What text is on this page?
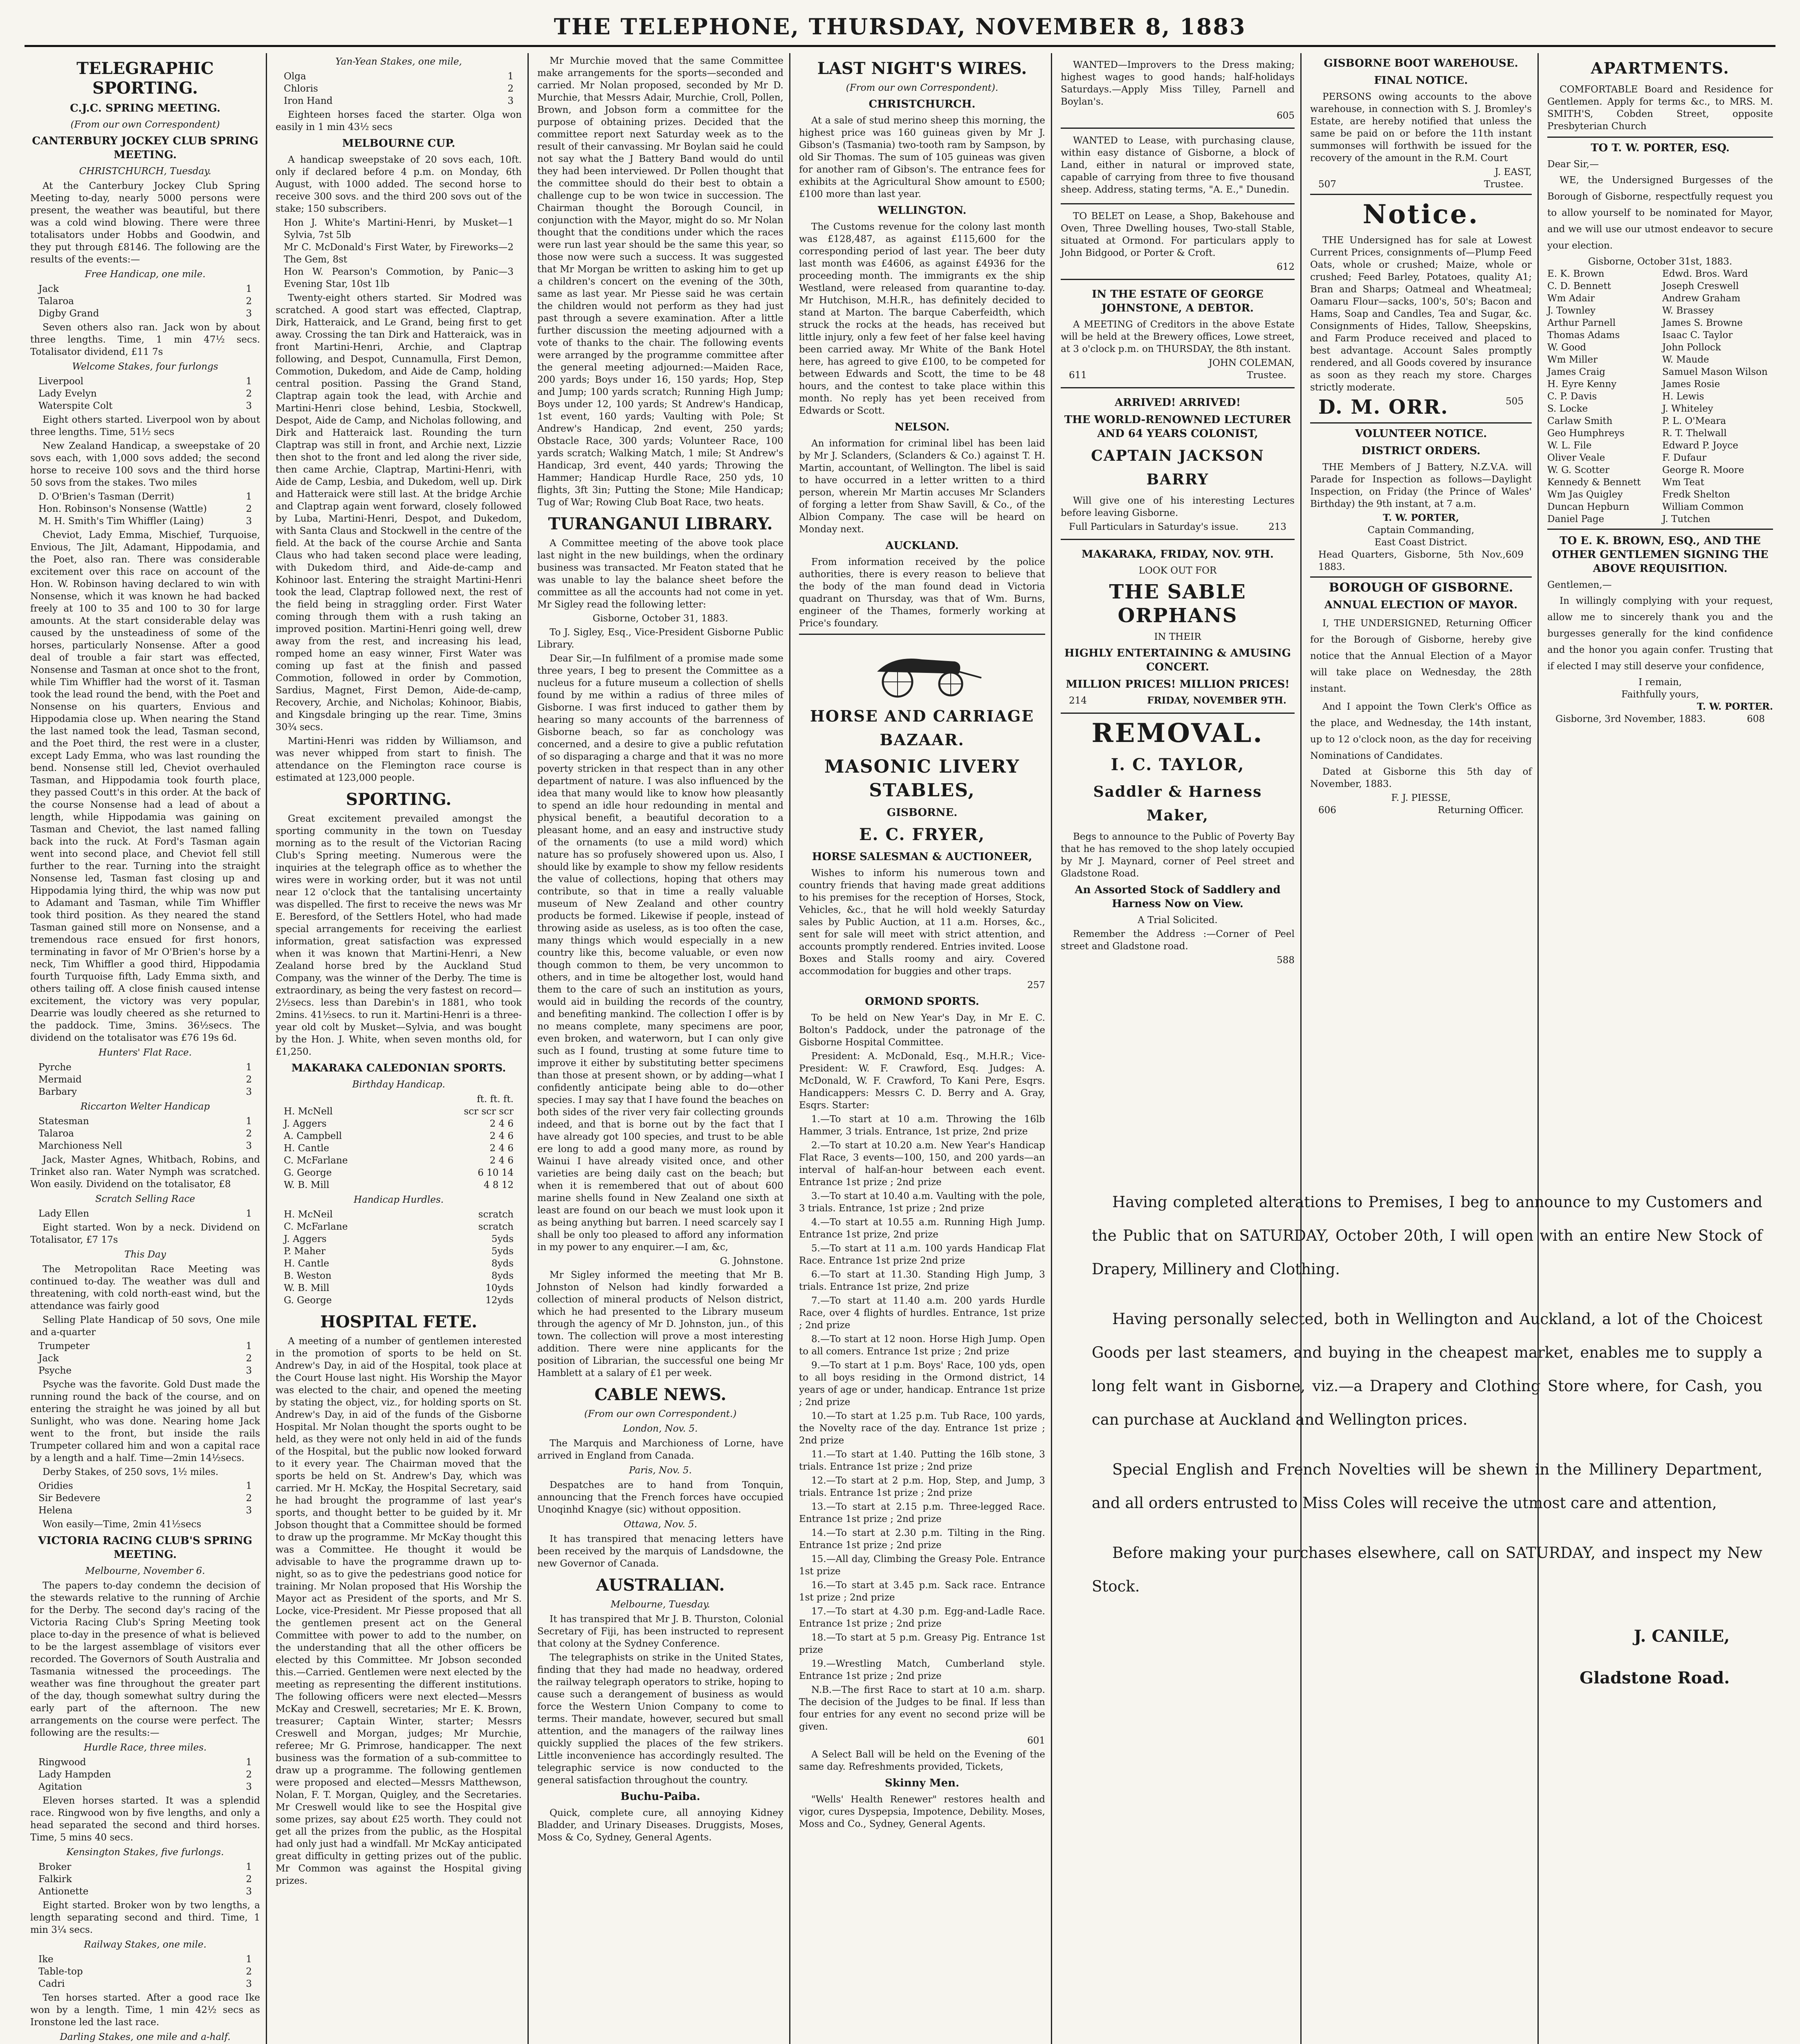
THE TELEPHONE, THURSDAY, NOVEMBER 8, 1883
TELEGRAPHIC SPORTING.
C.J.C. SPRING MEETING.
(From our own Correspondent)
CANTERBURY JOCKEY CLUB SPRING MEETING.
CHRISTCHURCH, Tuesday.

At the Canterbury Jockey Club Spring Meeting to-day, nearly 5000 persons were present, the weather was beautiful, but there was a cold wind blowing. There were three totalisators under Hobbs and Goodwin, and they put through £8146. The following are the results of the events:—

Free Handicap, one mile.
Jack	1
Talaroa	2
Digby Grand	3

Seven others also ran. Jack won by about three lengths. Time, 1 min 47½ secs. Totalisator dividend, £11 7s

Welcome Stakes, four furlongs
Liverpool	1
Lady Evelyn	2
Waterspite Colt	3

Eight others started. Liverpool won by about three lengths. Time, 51½ secs

New Zealand Handicap, a sweepstake of 20 sovs each, with 1,000 sovs added; the second horse to receive 100 sovs and the third horse 50 sovs from the stakes. Two miles

D. O'Brien's Tasman (Derrit)	1
Hon. Robinson's Nonsense (Wattle)	2
M. H. Smith's Tim Whiffler (Laing)	3

Cheviot, Lady Emma, Mischief, Turquoise, Envious, The Jilt, Adamant, Hippodamia, and the Poet, also ran. There was considerable excitement over this race on account of the Hon. W. Robinson having declared to win with Nonsense, which it was known he had backed freely at 100 to 35 and 100 to 30 for large amounts. At the start considerable delay was caused by the unsteadiness of some of the horses, particularly Nonsense. After a good deal of trouble a fair start was effected, Nonsense and Tasman at once shot to the front, while Tim Whiffler had the worst of it. Tasman took the lead round the bend, with the Poet and Nonsense on his quarters, Envious and Hippodamia close up. When nearing the Stand the last named took the lead, Tasman second, and the Poet third, the rest were in a cluster, except Lady Emma, who was last rounding the bend. Nonsense still led, Cheviot overhauled Tasman, and Hippodamia took fourth place, they passed Coutt's in this order. At the back of the course Nonsense had a lead of about a length, while Hippodamia was gaining on Tasman and Cheviot, the last named falling back into the ruck. At Ford's Tasman again went into second place, and Cheviot fell still further to the rear. Turning into the straight Nonsense led, Tasman fast closing up and Hippodamia lying third, the whip was now put to Adamant and Tasman, while Tim Whiffler took third position. As they neared the stand Tasman gained still more on Nonsense, and a tremendous race ensued for first honors, terminating in favor of Mr O'Brien's horse by a neck, Tim Whiffler a good third, Hippodamia fourth Turquoise fifth, Lady Emma sixth, and others tailing off. A close finish caused intense excitement, the victory was very popular, Dearrie was loudly cheered as she returned to the paddock. Time, 3mins. 36½secs. The dividend on the totalisator was £76 19s 6d.

Hunters' Flat Race.
Pyrche	1
Mermaid	2
Barbary	3
Riccarton Welter Handicap
Statesman	1
Talaroa	2
Marchioness Nell	3

Jack, Master Agnes, Whitbach, Robins, and Trinket also ran. Water Nymph was scratched. Won easily. Dividend on the totalisator, £8

Scratch Selling Race
Lady Ellen	1

Eight started. Won by a neck. Dividend on Totalisator, £7 17s

This Day

The Metropolitan Race Meeting was continued to-day. The weather was dull and threatening, with cold north-east wind, but the attendance was fairly good

Selling Plate Handicap of 50 sovs, One mile and a-quarter

Trumpeter	1
Jack	2
Psyche	3

Psyche was the favorite. Gold Dust made the running round the back of the course, and on entering the straight he was joined by all but Sunlight, who was done. Nearing home Jack went to the front, but inside the rails Trumpeter collared him and won a capital race by a length and a half. Time—2min 14½secs.

Derby Stakes, of 250 sovs, 1½ miles.

Oridies	1
Sir Bedevere	2
Helena	3

Won easily—Time, 2min 41½secs

VICTORIA RACING CLUB'S SPRING MEETING.
Melbourne, November 6.

The papers to-day condemn the decision of the stewards relative to the running of Archie for the Derby. The second day's racing of the Victoria Racing Club's Spring Meeting took place to-day in the presence of what is believed to be the largest assemblage of visitors ever recorded. The Governors of South Australia and Tasmania witnessed the proceedings. The weather was fine throughout the greater part of the day, though somewhat sultry during the early part of the afternoon. The new arrangements on the course were perfect. The following are the results:—

Hurdle Race, three miles.
Ringwood	1
Lady Hampden	2
Agitation	3

Eleven horses started. It was a splendid race. Ringwood won by five lengths, and only a head separated the second and third horses. Time, 5 mins 40 secs.

Kensington Stakes, five furlongs.
Broker	1
Falkirk	2
Antionette	3

Eight started. Broker won by two lengths, a length separating second and third. Time, 1 min 3¼ secs.

Railway Stakes, one mile.
Ike	1
Table-top	2
Cadri	3

Ten horses started. After a good race Ike won by a length. Time, 1 min 42½ secs as Ironstone led the last race.

Darling Stakes, one mile and a-half.

Yan-Yean Stakes, one mile,
Olga	1
Chloris	2
Iron Hand	3

Eighteen horses faced the starter. Olga won easily in 1 min 43½ secs

MELBOURNE CUP.

A handicap sweepstake of 20 sovs each, 10ft. only if declared before 4 p.m. on Monday, 6th August, with 1000 added. The second horse to receive 300 sovs. and the third 200 sovs out of the stake; 150 subscribers.

Hon J. White's Martini-Henri, by Musket—Sylvia, 7st 5lb
1
Mr C. McDonald's First Water, by Fireworks—The Gem, 8st
2
Hon W. Pearson's Commotion, by Panic—Evening Star, 10st 1lb
3

Twenty-eight others started. Sir Modred was scratched. A good start was effected, Claptrap, Dirk, Hatteraick, and Le Grand, being first to get away. Crossing the tan Dirk and Hatteraick, was in front Martini-Henri, Archie, and Claptrap following, and Despot, Cunnamulla, First Demon, Commotion, Dukedom, and Aide de Camp, holding central position. Passing the Grand Stand, Claptrap again took the lead, with Archie and Martini-Henri close behind, Lesbia, Stockwell, Despot, Aide de Camp, and Nicholas following, and Dirk and Hatteraick last. Rounding the turn Claptrap was still in front, and Archie next, Lizzie then shot to the front and led along the river side, then came Archie, Claptrap, Martini-Henri, with Aide de Camp, Lesbia, and Dukedom, well up. Dirk and Hatteraick were still last. At the bridge Archie and Claptrap again went forward, closely followed by Luba, Martini-Henri, Despot, and Dukedom, with Santa Claus and Stockwell in the centre of the field. At the back of the course Archie and Santa Claus who had taken second place were leading, with Dukedom third, and Aide-de-camp and Kohinoor last. Entering the straight Martini-Henri took the lead, Claptrap followed next, the rest of the field being in straggling order. First Water coming through them with a rush taking an improved position. Martini-Henri going well, drew away from the rest, and increasing his lead, romped home an easy winner, First Water was coming up fast at the finish and passed Commotion, followed in order by Commotion, Sardius, Magnet, First Demon, Aide-de-camp, Recovery, Archie, and Nicholas; Kohinoor, Biabis, and Kingsdale bringing up the rear. Time, 3mins 30¾ secs.

Martini-Henri was ridden by Williamson, and was never whipped from start to finish. The attendance on the Flemington race course is estimated at 123,000 people.

SPORTING.

Great excitement prevailed amongst the sporting community in the town on Tuesday morning as to the result of the Victorian Racing Club's Spring meeting. Numerous were the inquiries at the telegraph office as to whether the wires were in working order, but it was not until near 12 o'clock that the tantalising uncertainty was dispelled. The first to receive the news was Mr E. Beresford, of the Settlers Hotel, who had made special arrangements for receiving the earliest information, great satisfaction was expressed when it was known that Martini-Henri, a New Zealand horse bred by the Auckland Stud Company, was the winner of the Derby. The time is extraordinary, as being the very fastest on record—2½secs. less than Darebin's in 1881, who took 2mins. 41½secs. to run it. Martini-Henri is a three-year old colt by Musket—Sylvia, and was bought by the Hon. J. White, when seven months old, for £1,250.

MAKARAKA CALEDONIAN SPORTS.
Birthday Handicap.
ft. ft. ft.
H. McNell	scr scr scr
J. Aggers	2 4 6
A. Campbell	2 4 6
H. Cantle	2 4 6
C. McFarlane	2 4 6
G. George	6 10 14
W. B. Mill	4 8 12
Handicap Hurdles.
H. McNeil	scratch
C. McFarlane	scratch
J. Aggers	5yds
P. Maher	5yds
H. Cantle	8yds
B. Weston	8yds
W. B. Mill	10yds
G. George	12yds
HOSPITAL FETE.

A meeting of a number of gentlemen interested in the promotion of sports to be held on St. Andrew's Day, in aid of the Hospital, took place at the Court House last night. His Worship the Mayor was elected to the chair, and opened the meeting by stating the object, viz., for holding sports on St. Andrew's Day, in aid of the funds of the Gisborne Hospital. Mr Nolan thought the sports ought to be held, as they were not only held in aid of the funds of the Hospital, but the public now looked forward to it every year. The Chairman moved that the sports be held on St. Andrew's Day, which was carried. Mr H. McKay, the Hospital Secretary, said he had brought the programme of last year's sports, and thought better to be guided by it. Mr Jobson thought that a Committee should be formed to draw up the programme. Mr McKay thought this was a Committee. He thought it would be advisable to have the programme drawn up to-night, so as to give the pedestrians good notice for training. Mr Nolan proposed that His Worship the Mayor act as President of the sports, and Mr S. Locke, vice-President. Mr Piesse proposed that all the gentlemen present act on the General Committee with power to add to the number, on the understanding that all the other officers be elected by this Committee. Mr Jobson seconded this.—Carried. Gentlemen were next elected by the meeting as representing the different institutions. The following officers were next elected—Messrs McKay and Creswell, secretaries; Mr E. K. Brown, treasurer; Captain Winter, starter; Messrs Creswell and Morgan, judges; Mr Murchie, referee; Mr G. Primrose, handicapper. The next business was the formation of a sub-committee to draw up a programme. The following gentlemen were proposed and elected—Messrs Matthewson, Nolan, F. T. Morgan, Quigley, and the Secretaries. Mr Creswell would like to see the Hospital give some prizes, say about £25 worth. They could not get all the prizes from the public, as the Hospital had only just had a windfall. Mr McKay anticipated great difficulty in getting prizes out of the public. Mr Common was against the Hospital giving prizes.

Mr Murchie moved that the same Committee make arrangements for the sports—seconded and carried. Mr Nolan proposed, seconded by Mr D. Murchie, that Messrs Adair, Murchie, Croll, Pollen, Brown, and Jobson form a committee for the purpose of obtaining prizes. Decided that the committee report next Saturday week as to the result of their canvassing. Mr Boylan said he could not say what the J Battery Band would do until they had been interviewed. Dr Pollen thought that the committee should do their best to obtain a challenge cup to be won twice in succession. The Chairman thought the Borough Council, in conjunction with the Mayor, might do so. Mr Nolan thought that the conditions under which the races were run last year should be the same this year, so those now were such a success. It was suggested that Mr Morgan be written to asking him to get up a children's concert on the evening of the 30th, same as last year. Mr Piesse said he was certain the children would not perform as they had just past through a severe examination. After a little further discussion the meeting adjourned with a vote of thanks to the chair. The following events were arranged by the programme committee after the general meeting adjourned:—Maiden Race, 200 yards; Boys under 16, 150 yards; Hop, Step and Jump; 100 yards scratch; Running High Jump; Boys under 12, 100 yards; St Andrew's Handicap, 1st event, 160 yards; Vaulting with Pole; St Andrew's Handicap, 2nd event, 250 yards; Obstacle Race, 300 yards; Volunteer Race, 100 yards scratch; Walking Match, 1 mile; St Andrew's Handicap, 3rd event, 440 yards; Throwing the Hammer; Handicap Hurdle Race, 250 yds, 10 flights, 3ft 3in; Putting the Stone; Mile Handicap; Tug of War; Rowing Club Boat Race, two heats.

TURANGANUI LIBRARY.

A Committee meeting of the above took place last night in the new buildings, when the ordinary business was transacted. Mr Featon stated that he was unable to lay the balance sheet before the committee as all the accounts had not come in yet. Mr Sigley read the following letter:

Gisborne, October 31, 1883.

To J. Sigley, Esq., Vice-President Gisborne Public Library.

Dear Sir,—In fulfilment of a promise made some three years, I beg to present the Committee as a nucleus for a future museum a collection of shells found by me within a radius of three miles of Gisborne. I was first induced to gather them by hearing so many accounts of the barrenness of Gisborne beach, so far as conchology was concerned, and a desire to give a public refutation of so disparaging a charge and that it was no more poverty stricken in that respect than in any other department of nature. I was also influenced by the idea that many would like to know how pleasantly to spend an idle hour redounding in mental and physical benefit, a beautiful decoration to a pleasant home, and an easy and instructive study of the ornaments (to use a mild word) which nature has so profusely showered upon us. Also, I should like by example to show my fellow residents the value of collections, hoping that others may contribute, so that in time a really valuable museum of New Zealand and other country products be formed. Likewise if people, instead of throwing aside as useless, as is too often the case, many things which would especially in a new country like this, become valuable, or even now though common to them, be very uncommon to others, and in time be altogether lost, would hand them to the care of such an institution as yours, would aid in building the records of the country, and benefiting mankind. The collection I offer is by no means complete, many specimens are poor, even broken, and waterworn, but I can only give such as I found, trusting at some future time to improve it either by substituting better specimens than those at present shown, or by adding—what I confidently anticipate being able to do—other species. I may say that I have found the beaches on both sides of the river very fair collecting grounds indeed, and that is borne out by the fact that I have already got 100 species, and trust to be able ere long to add a good many more, as round by Wainui I have already visited once, and other varieties are being daily cast on the beach; but when it is remembered that out of about 600 marine shells found in New Zealand one sixth at least are found on our beach we must look upon it as being anything but barren. I need scarcely say I shall be only too pleased to afford any information in my power to any enquirer.—I am, &c,

G. Johnstone.

Mr Sigley informed the meeting that Mr B. Johnston of Nelson had kindly forwarded a collection of mineral products of Nelson district, which he had presented to the Library museum through the agency of Mr D. Johnston, jun., of this town. The collection will prove a most interesting addition. There were nine applicants for the position of Librarian, the successful one being Mr Hamblett at a salary of £1 per week.

CABLE NEWS.
(From our own Correspondent.)
London, Nov. 5.

The Marquis and Marchioness of Lorne, have arrived in England from Canada.

Paris, Nov. 5.

Despatches are to hand from Tonquin, announcing that the French forces have occupied Unoqinhd Knagye (sic) without opposition.

Ottawa, Nov. 5.

It has transpired that menacing letters have been received by the marquis of Landsdowne, the new Governor of Canada.

AUSTRALIAN.
Melbourne, Tuesday.

It has transpired that Mr J. B. Thurston, Colonial Secretary of Fiji, has been instructed to represent that colony at the Sydney Conference.

The telegraphists on strike in the United States, finding that they had made no headway, ordered the railway telegraph operators to strike, hoping to cause such a derangement of business as would force the Western Union Company to come to terms. Their mandate, however, secured but small attention, and the managers of the railway lines quickly supplied the places of the few strikers. Little inconvenience has accordingly resulted. The telegraphic service is now conducted to the general satisfaction throughout the country.

Buchu-Paiba.

Quick, complete cure, all annoying Kidney Bladder, and Urinary Diseases. Druggists, Moses, Moss & Co, Sydney, General Agents.

LAST NIGHT'S WIRES.
(From our own Correspondent).
CHRISTCHURCH.

At a sale of stud merino sheep this morning, the highest price was 160 guineas given by Mr J. Gibson's (Tasmania) two-tooth ram by Sampson, by old Sir Thomas. The sum of 105 guineas was given for another ram of Gibson's. The entrance fees for exhibits at the Agricultural Show amount to £500; £100 more than last year.

WELLINGTON.

The Customs revenue for the colony last month was £128,487, as against £115,600 for the corresponding period of last year. The beer duty last month was £4606, as against £4936 for the proceeding month. The immigrants ex the ship Westland, were released from quarantine to-day. Mr Hutchison, M.H.R., has definitely decided to stand at Marton. The barque Caberfeidth, which struck the rocks at the heads, has received but little injury, only a few feet of her false keel having been carried away. Mr White of the Bank Hotel here, has agreed to give £100, to be competed for between Edwards and Scott, the time to be 48 hours, and the contest to take place within this month. No reply has yet been received from Edwards or Scott.

NELSON.

An information for criminal libel has been laid by Mr J. Sclanders, (Sclanders & Co.) against T. H. Martin, accountant, of Wellington. The libel is said to have occurred in a letter written to a third person, wherein Mr Martin accuses Mr Sclanders of forging a letter from Shaw Savill, & Co., of the Albion Company. The case will be heard on Monday next.

AUCKLAND.

From information received by the police authorities, there is every reason to believe that the body of the man found dead in Victoria quadrant on Thursday, was that of Wm. Burns, engineer of the Thames, formerly working at Price's foundary.

HORSE AND CARRIAGE BAZAAR.
MASONIC LIVERY STABLES,
GISBORNE.
E. C. FRYER,
HORSE SALESMAN & AUCTIONEER,

Wishes to inform his numerous town and country friends that having made great additions to his premises for the reception of Horses, Stock, Vehicles, &c., that he will hold weekly Saturday sales by Public Auction, at 11 a.m. Horses, &c., sent for sale will meet with strict attention, and accounts promptly rendered. Entries invited. Loose Boxes and Stalls roomy and airy. Covered accommodation for buggies and other traps.

257
ORMOND SPORTS.

To be held on New Year's Day, in Mr E. C. Bolton's Paddock, under the patronage of the Gisborne Hospital Committee.

President: A. McDonald, Esq., M.H.R.; Vice-President: W. F. Crawford, Esq. Judges: A. McDonald, W. F. Crawford, To Kani Pere, Esqrs. Handicappers: Messrs C. D. Berry and A. Gray, Esqrs. Starter:

1.—To start at 10 a.m. Throwing the 16lb Hammer, 3 trials. Entrance, 1st prize, 2nd prize

2.—To start at 10.20 a.m. New Year's Handicap Flat Race, 3 events—100, 150, and 200 yards—an interval of half-an-hour between each event. Entrance 1st prize ; 2nd prize

3.—To start at 10.40 a.m. Vaulting with the pole, 3 trials. Entrance, 1st prize ; 2nd prize

4.—To start at 10.55 a.m. Running High Jump. Entrance 1st prize, 2nd prize

5.—To start at 11 a.m. 100 yards Handicap Flat Race. Entrance 1st prize 2nd prize

6.—To start at 11.30. Standing High Jump, 3 trials. Entrance 1st prize, 2nd prize

7.—To start at 11.40 a.m. 200 yards Hurdle Race, over 4 flights of hurdles. Entrance, 1st prize ; 2nd prize

8.—To start at 12 noon. Horse High Jump. Open to all comers. Entrance 1st prize ; 2nd prize

9.—To start at 1 p.m. Boys' Race, 100 yds, open to all boys residing in the Ormond district, 14 years of age or under, handicap. Entrance 1st prize ; 2nd prize

10.—To start at 1.25 p.m. Tub Race, 100 yards, the Novelty race of the day. Entrance 1st prize ; 2nd prize

11.—To start at 1.40. Putting the 16lb stone, 3 trials. Entrance 1st prize ; 2nd prize

12.—To start at 2 p.m. Hop, Step, and Jump, 3 trials. Entrance 1st prize ; 2nd prize

13.—To start at 2.15 p.m. Three-legged Race. Entrance 1st prize ; 2nd prize

14.—To start at 2.30 p.m. Tilting in the Ring. Entrance 1st prize ; 2nd prize

15.—All day, Climbing the Greasy Pole. Entrance 1st prize

16.—To start at 3.45 p.m. Sack race. Entrance 1st prize ; 2nd prize

17.—To start at 4.30 p.m. Egg-and-Ladle Race. Entrance 1st prize ; 2nd prize

18.—To start at 5 p.m. Greasy Pig. Entrance 1st prize

19.—Wrestling Match, Cumberland style. Entrance 1st prize ; 2nd prize

N.B.—The first Race to start at 10 a.m. sharp. The decision of the Judges to be final. If less than four entries for any event no second prize will be given.

601

A Select Ball will be held on the Evening of the same day. Refreshments provided, Tickets,

Skinny Men.

"Wells' Health Renewer" restores health and vigor, cures Dyspepsia, Impotence, Debility. Moses, Moss and Co., Sydney, General Agents.

WANTED—Improvers to the Dress making; highest wages to good hands; half-holidays Saturdays.—Apply Miss Tilley, Parnell and Boylan's.

605

WANTED to Lease, with purchasing clause, within easy distance of Gisborne, a block of Land, either in natural or improved state, capable of carrying from three to five thousand sheep. Address, stating terms, "A. E.," Dunedin.

TO BELET on Lease, a Shop, Bakehouse and Oven, Three Dwelling houses, Two-stall Stable, situated at Ormond. For particulars apply to John Bidgood, or Porter & Croft.

612
IN THE ESTATE OF GEORGE JOHNSTONE, A DEBTOR.

A MEETING of Creditors in the above Estate will be held at the Brewery offices, Lowe street, at 3 o'clock p.m. on THURSDAY, the 8th instant.

JOHN COLEMAN,
611	Trustee.
ARRIVED! ARRIVED!
THE WORLD-RENOWNED LECTURER AND 64 YEARS COLONIST,
CAPTAIN JACKSON BARRY

Will give one of his interesting Lectures before leaving Gisborne.

Full Particulars in Saturday's issue.	213
MAKARAKA, FRIDAY, NOV. 9TH.
LOOK OUT FOR
THE SABLE ORPHANS
IN THEIR
HIGHLY ENTERTAINING & AMUSING CONCERT.
MILLION PRICES! MILLION PRICES!
214	FRIDAY, NOVEMBER 9TH.
REMOVAL.
I. C. TAYLOR,
Saddler & Harness Maker,

Begs to announce to the Public of Poverty Bay that he has removed to the shop lately occupied by Mr J. Maynard, corner of Peel street and Gladstone Road.

An Assorted Stock of Saddlery and Harness Now on View.
A Trial Solicited.

Remember the Address :—Corner of Peel street and Gladstone road.

588
GISBORNE BOOT WAREHOUSE.
FINAL NOTICE.

PERSONS owing accounts to the above warehouse, in connection with S. J. Bromley's Estate, are hereby notified that unless the same be paid on or before the 11th instant summonses will forthwith be issued for the recovery of the amount in the R.M. Court

J. EAST,
507	Trustee.
Notice.

THE Undersigned has for sale at Lowest Current Prices, consignments of—Plump Feed Oats, whole or crushed; Maize, whole or crushed; Feed Barley, Potatoes, quality A1; Bran and Sharps; Oatmeal and Wheatmeal; Oamaru Flour—sacks, 100's, 50's; Bacon and Hams, Soap and Candles, Tea and Sugar, &c. Consignments of Hides, Tallow, Sheepskins, and Farm Produce received and placed to best advantage. Account Sales promptly rendered, and all Goods covered by insurance as soon as they reach my store. Charges strictly moderate.

D. M. ORR.	505
VOLUNTEER NOTICE.
DISTRICT ORDERS.

THE Members of J Battery, N.Z.V.A. will Parade for Inspection as follows—Daylight Inspection, on Friday (the Prince of Wales' Birthday) the 9th instant, at 7 a.m.

T. W. PORTER,
Captain Commanding,
East Coast District.
Head Quarters, Gisborne, 5th Nov., 1883.
609
BOROUGH OF GISBORNE.
ANNUAL ELECTION OF MAYOR.

I, THE UNDERSIGNED, Returning Officer for the Borough of Gisborne, hereby give notice that the Annual Election of a Mayor will take place on Wednesday, the 28th instant.

And I appoint the Town Clerk's Office as the place, and Wednesday, the 14th instant, up to 12 o'clock noon, as the day for receiving Nominations of Candidates.

Dated at Gisborne this 5th day of November, 1883.

F. J. PIESSE,
606	Returning Officer.
APARTMENTS.

COMFORTABLE Board and Residence for Gentlemen. Apply for terms &c., to MRS. M. SMITH'S, Cobden Street, opposite Presbyterian Church

TO T. W. PORTER, ESQ.
Dear Sir,—

WE, the Undersigned Burgesses of the Borough of Gisborne, respectfully request you to allow yourself to be nominated for Mayor, and we will use our utmost endeavor to secure your election.

Gisborne, October 31st, 1883.
E. K. Brown	Edwd. Bros. Ward
C. D. Bennett	Joseph Creswell
Wm Adair	Andrew Graham
J. Townley	W. Brassey
Arthur Parnell	James S. Browne
Thomas Adams	Isaac C. Taylor
W. Good	John Pollock
Wm Miller	W. Maude
James Craig	Samuel Mason Wilson
H. Eyre Kenny	James Rosie
C. P. Davis	H. Lewis
S. Locke	J. Whiteley
Carlaw Smith	P. L. O'Meara
Geo Humphreys	R. T. Thelwall
W. L. File	Edward P. Joyce
Oliver Veale	F. Dufaur
W. G. Scotter	George R. Moore
Kennedy & Bennett	Wm Teat
Wm Jas Quigley	Fredk Shelton
Duncan Hepburn	William Common
Daniel Page	J. Tutchen
TO E. K. BROWN, ESQ., AND THE OTHER GENTLEMEN SIGNING THE ABOVE REQUISITION.
Gentlemen,—

In willingly complying with your request, allow me to sincerely thank you and the burgesses generally for the kind confidence and the honor you again confer. Trusting that if elected I may still deserve your confidence,

I remain,
Faithfully yours,
T. W. PORTER.
Gisborne, 3rd November, 1883.	608

Having completed alterations to Premises, I beg to announce to my Customers and the Public that on SATURDAY, October 20th, I will open with an entire New Stock of Drapery, Millinery and Clothing.

Having personally selected, both in Wellington and Auckland, a lot of the Choicest Goods per last steamers, and buying in the cheapest market, enables me to supply a long felt want in Gisborne, viz.—a Drapery and Clothing Store where, for Cash, you can purchase at Auckland and Wellington prices.

Special English and French Novelties will be shewn in the Millinery Department, and all orders entrusted to Miss Coles will receive the utmost care and attention,

Before making your purchases elsewhere, call on SATURDAY, and inspect my New Stock.

J. CANILE,

Gladstone Road.
